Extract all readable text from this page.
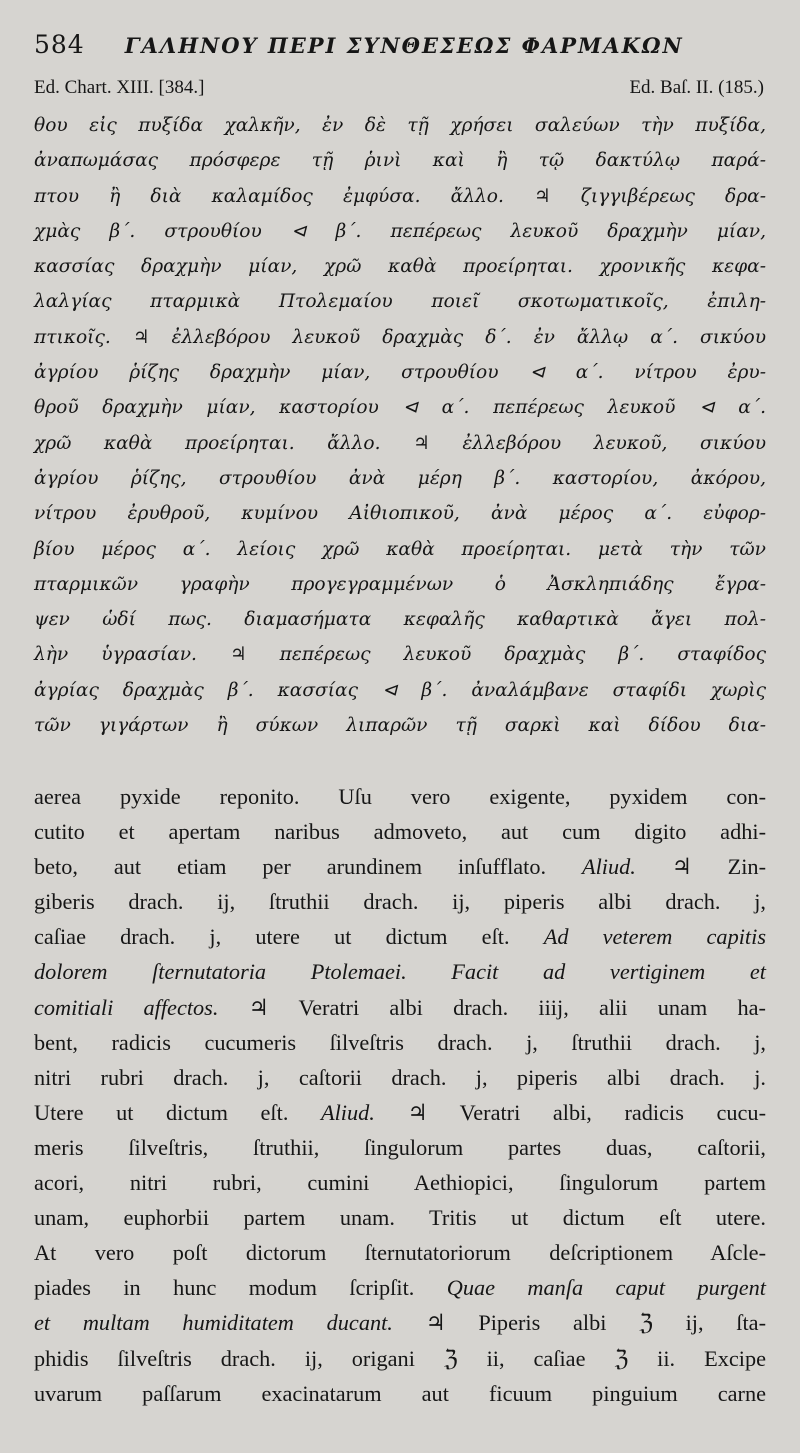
584 ΓΑΛΗΝΟΥ ΠΕΡΙ ΣΥΝΘΕΣΕΩΣ ΦΑΡΜΑΚΩΝ
Ed. Chart. XIII. [384.]	Ed. Baſ. II. (185.)
θου εἰς πυξίδα χαλκῆν, ἐν δὲ τῇ χρήσει σαλεύων τὴν πυξίδα,
ἀναπωμάσας πρόσφερε τῇ ῥινὶ καὶ ἢ τῷ δακτύλῳ παρά-
πτου ἢ διὰ καλαμίδος ἐμφύσα. ἄλλο. ♃ ζιγγιβέρεως δρα-
χμὰς β΄. στρουθίου ⊲ β΄. πεπέρεως λευκοῦ δραχμὴν μίαν,
κασσίας δραχμὴν μίαν, χρῶ καθὰ προείρηται. χρονικῆς κεφα-
λαλγίας πταρμικὰ Πτολεμαίου ποιεῖ σκοτωματικοῖς, ἐπιλη-
πτικοῖς. ♃ ἐλλεβόρου λευκοῦ δραχμὰς δ΄. ἐν ἄλλῳ α΄. σικύου
ἀγρίου ῥίζης δραχμὴν μίαν, στρουθίου ⊲ α΄. νίτρου ἐρυ-
θροῦ δραχμὴν μίαν, καστορίου ⊲ α΄. πεπέρεως λευκοῦ ⊲ α΄.
χρῶ καθὰ προείρηται. ἄλλο. ♃ ἐλλεβόρου λευκοῦ, σικύου
ἀγρίου ῥίζης, στρουθίου ἀνὰ μέρη β΄. καστορίου, ἀκόρου,
νίτρου ἐρυθροῦ, κυμίνου Αἰθιοπικοῦ, ἀνὰ μέρος α΄. εὐφορ-
βίου μέρος α΄. λείοις χρῶ καθὰ προείρηται. μετὰ τὴν τῶν
πταρμικῶν γραφὴν προγεγραμμένων ὁ Ἀσκληπιάδης ἔγρα-
ψεν ὡδί πως. διαμασήματα κεφαλῆς καθαρτικὰ ἄγει πολ-
λὴν ὑγρασίαν. ♃ πεπέρεως λευκοῦ δραχμὰς β΄. σταφίδος
ἀγρίας δραχμὰς β΄. κασσίας ⊲ β΄. ἀναλάμβανε σταφίδι χωρὶς
τῶν γιγάρτων ἢ σύκων λιπαρῶν τῇ σαρκὶ καὶ δίδου δια-
aerea pyxide reponito. Uſu vero exigente, pyxidem con-
cutito et apertam naribus admoveto, aut cum digito adhi-
beto, aut etiam per arundinem inſufflato. Aliud. ♃ Zin-
giberis drach. ij, ſtruthii drach. ij, piperis albi drach. j,
caſiae drach. j, utere ut dictum eſt. Ad veterem capitis
dolorem ſternutatoria Ptolemaei. Facit ad vertiginem et
comitiali affectos. ♃ Veratri albi drach. iiij, alii unam ha-
bent, radicis cucumeris ſilveſtris drach. j, ſtruthii drach. j,
nitri rubri drach. j, caſtorii drach. j, piperis albi drach. j.
Utere ut dictum eſt. Aliud. ♃ Veratri albi, radicis cucu-
meris ſilveſtris, ſtruthii, ſingulorum partes duas, caſtorii,
acori, nitri rubri, cumini Aethiopici, ſingulorum partem
unam, euphorbii partem unam. Tritis ut dictum eſt utere.
At vero poſt dictorum ſternutatoriorum deſcriptionem Aſcle-
piades in hunc modum ſcripſit. Quae manſa caput purgent
et multam humiditatem ducant. ♃ Piperis albi ℨ ij, ſta-
phidis ſilveſtris drach. ij, origani ℨ ii, caſiae ℨ ii. Excipe
uvarum paſſarum exacinatarum aut ficuum pinguium carne
